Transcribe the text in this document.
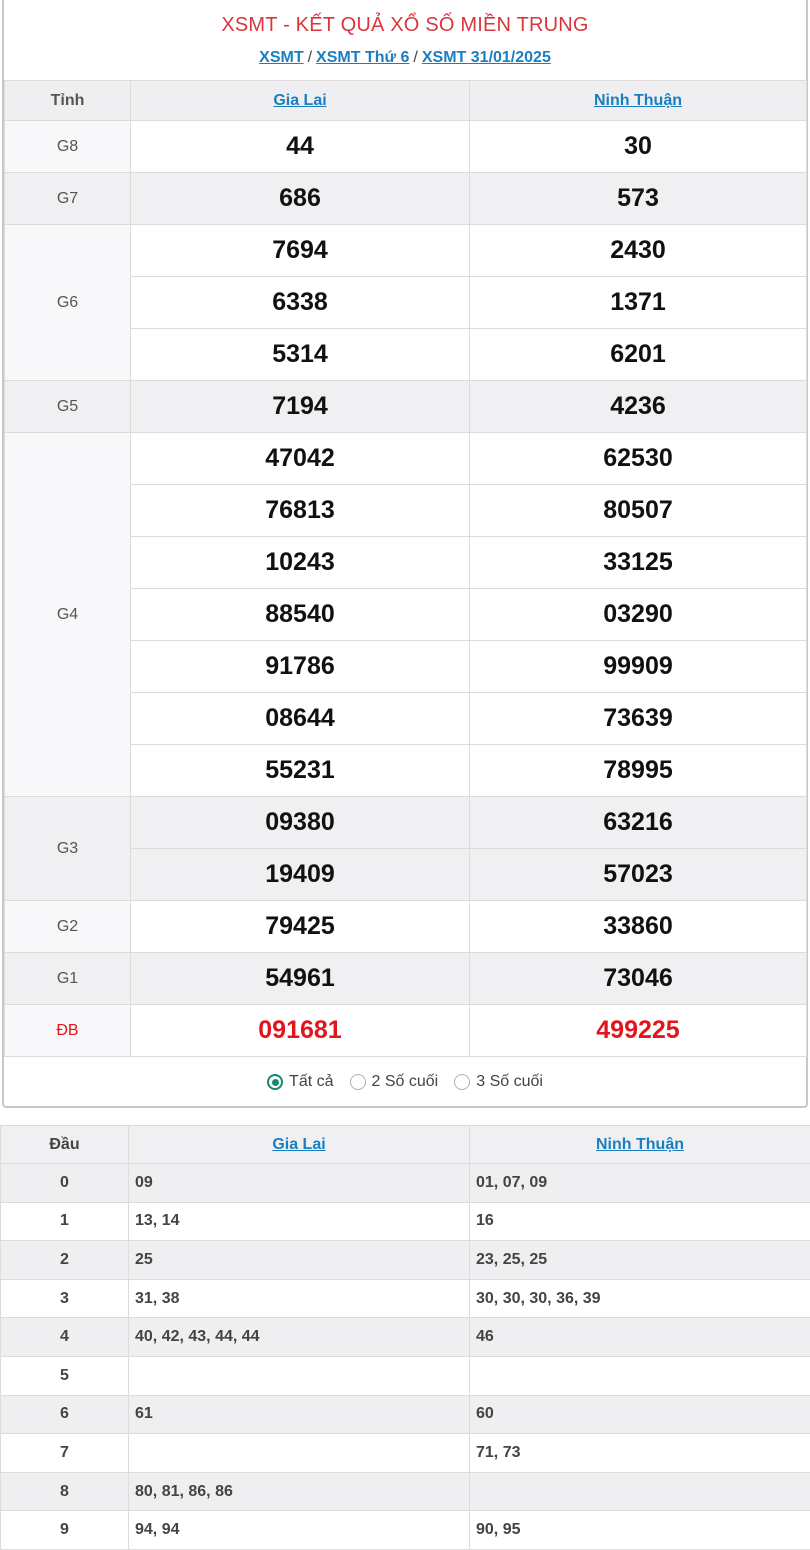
XSMT - KẾT QUẢ XỔ SỐ MIỀN TRUNG
XSMT / XSMT Thứ 6 / XSMT 31/01/2025
Tỉnh	Gia Lai	Ninh Thuận
G8	44	30
G7	686	573
G6	7694	2430
	6338	1371
	5314	6201
G5	7194	4236
G4	47042	62530
	76813	80507
	10243	33125
	88540	03290
	91786	99909
	08644	73639
	55231	78995
G3	09380	63216
	19409	57023
G2	79425	33860
G1	54961	73046
ĐB	091681	499225
Tất cả 2 Số cuối 3 Số cuối
Đầu	Gia Lai	Ninh Thuận
0	09	01, 07, 09
1	13, 14	16
2	25	23, 25, 25
3	31, 38	30, 30, 30, 36, 39
4	40, 42, 43, 44, 44	46
5		
6	61	60
7		71, 73
8	80, 81, 86, 86	
9	94, 94	90, 95
